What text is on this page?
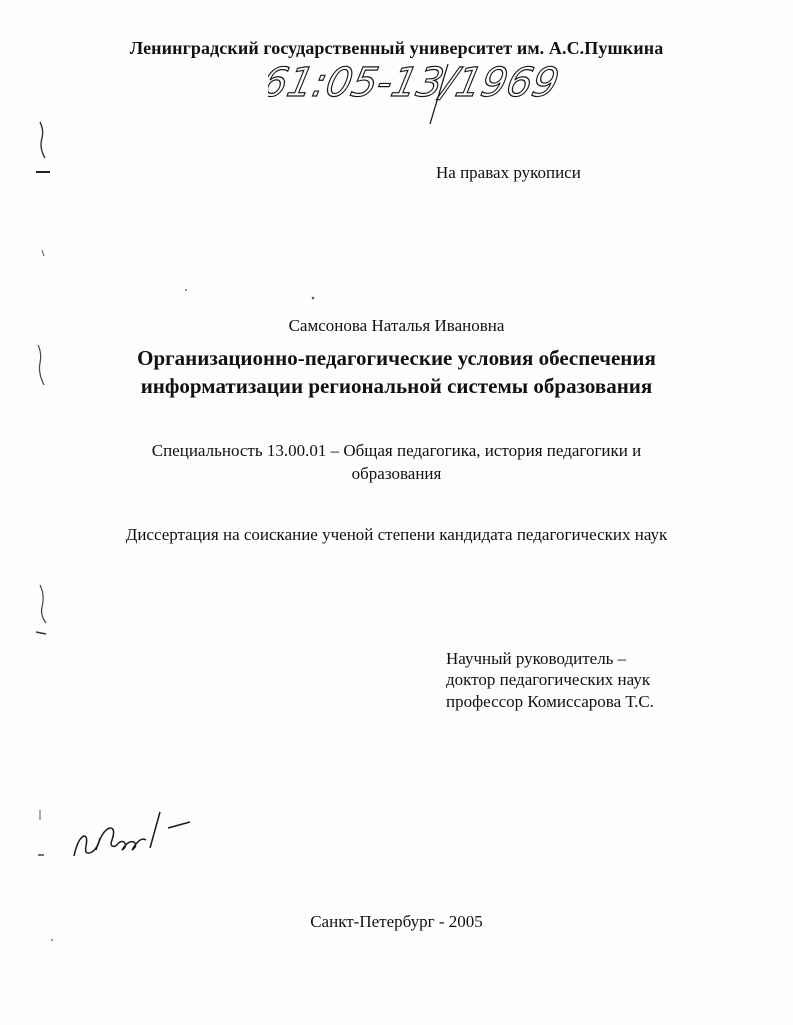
Ленинградский государственный университет им. А.С.Пушкина
61:05-13/1969
На правах рукописи
Самсонова Наталья Ивановна
Организационно-педагогические условия обеспечения
информатизации региональной системы образования
Специальность 13.00.01 – Общая педагогика, история педагогики и
образования
Диссертация на соискание ученой степени кандидата педагогических наук
Научный руководитель –
доктор педагогических наук
профессор Комиссарова Т.С.
Санкт-Петербург - 2005
